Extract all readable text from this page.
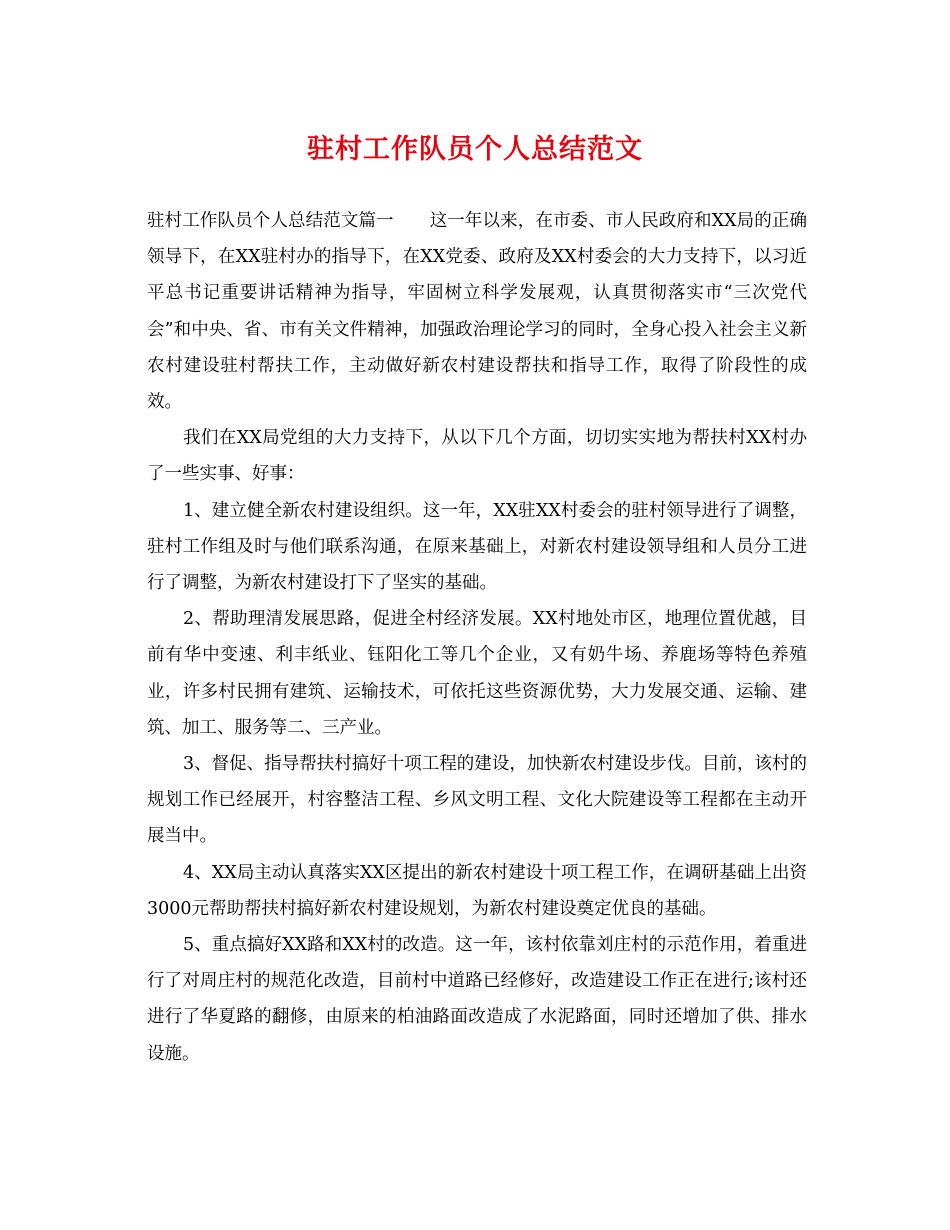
驻村工作队员个人总结范文

驻村工作队员个人总结范文篇一 这一年以来，在市委、市人民政府和XX局的正确领导下，在XX驻村办的指导下，在XX党委、政府及XX村委会的大力支持下，以习近平总书记重要讲话精神为指导，牢固树立科学发展观，认真贯彻落实市“三次党代会”和中央、省、市有关文件精神，加强政治理论学习的同时，全身心投入社会主义新农村建设驻村帮扶工作，主动做好新农村建设帮扶和指导工作，取得了阶段性的成效。

我们在XX局党组的大力支持下，从以下几个方面，切切实实地为帮扶村XX村办了一些实事、好事：

1、建立健全新农村建设组织。这一年，XX驻XX村委会的驻村领导进行了调整，驻村工作组及时与他们联系沟通，在原来基础上，对新农村建设领导组和人员分工进行了调整，为新农村建设打下了坚实的基础。

2、帮助理清发展思路，促进全村经济发展。XX村地处市区，地理位置优越，目前有华中变速、利丰纸业、钰阳化工等几个企业，又有奶牛场、养鹿场等特色养殖业，许多村民拥有建筑、运输技术，可依托这些资源优势，大力发展交通、运输、建筑、加工、服务等二、三产业。

3、督促、指导帮扶村搞好十项工程的建设，加快新农村建设步伐。目前，该村的规划工作已经展开，村容整洁工程、乡风文明工程、文化大院建设等工程都在主动开展当中。

4、XX局主动认真落实XX区提出的新农村建设十项工程工作，在调研基础上出资3000元帮助帮扶村搞好新农村建设规划，为新农村建设奠定优良的基础。

5、重点搞好XX路和XX村的改造。这一年，该村依靠刘庄村的示范作用，着重进行了对周庄村的规范化改造，目前村中道路已经修好，改造建设工作正在进行;该村还进行了华夏路的翻修，由原来的柏油路面改造成了水泥路面，同时还增加了供、排水设施。
